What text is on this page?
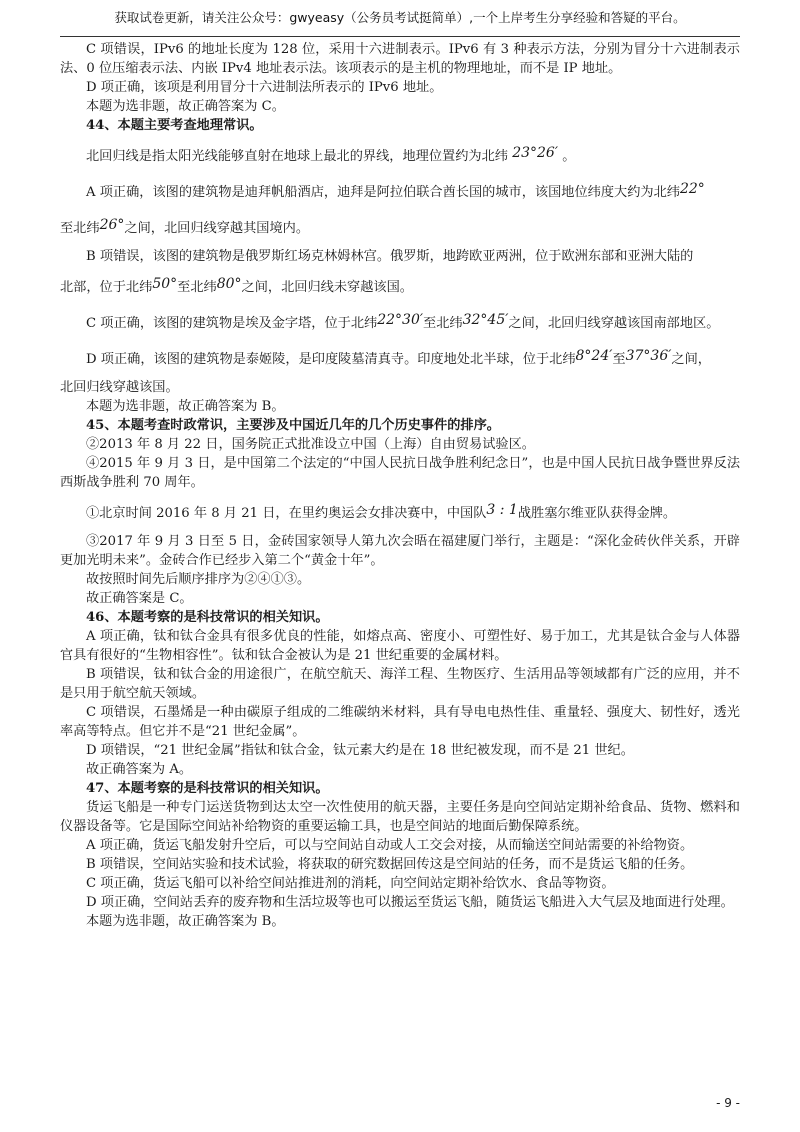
获取试卷更新，请关注公众号：gwyeasy（公务员考试挺简单）,一个上岸考生分享经验和答疑的平台。

C 项错误，IPv6 的地址长度为 128 位，采用十六进制表示。IPv6 有 3 种表示方法，分别为冒分十六进制表示法、0 位压缩表示法、内嵌 IPv4 地址表示法。该项表示的是主机的物理地址，而不是 IP 地址。

D 项正确，该项是利用冒分十六进制法所表示的 IPv6 地址。

本题为选非题，故正确答案为 C。

44、本题主要考查地理常识。

北回归线是指太阳光线能够直射在地球上最北的界线，地理位置约为北纬 23°26′ 。

A 项正确，该图的建筑物是迪拜帆船酒店，迪拜是阿拉伯联合酋长国的城市，该国地位纬度大约为北纬22°

至北纬26°之间，北回归线穿越其国境内。

B 项错误，该图的建筑物是俄罗斯红场克林姆林宫。俄罗斯，地跨欧亚两洲，位于欧洲东部和亚洲大陆的

北部，位于北纬50°至北纬80°之间，北回归线未穿越该国。

C 项正确，该图的建筑物是埃及金字塔，位于北纬22°30′至北纬32°45′之间，北回归线穿越该国南部地区。

D 项正确，该图的建筑物是泰姬陵，是印度陵墓清真寺。印度地处北半球，位于北纬8°24′至37°36′之间，

北回归线穿越该国。

本题为选非题，故正确答案为 B。

45、本题考查时政常识，主要涉及中国近几年的几个历史事件的排序。

②2013 年 8 月 22 日，国务院正式批准设立中国（上海）自由贸易试验区。

④2015 年 9 月 3 日，是中国第二个法定的“中国人民抗日战争胜利纪念日”，也是中国人民抗日战争暨世界反法西斯战争胜利 70 周年。

①北京时间 2016 年 8 月 21 日，在里约奥运会女排决赛中，中国队3 : 1战胜塞尔维亚队获得金牌。

③2017 年 9 月 3 日至 5 日，金砖国家领导人第九次会晤在福建厦门举行，主题是：“深化金砖伙伴关系，开辟更加光明未来”。金砖合作已经步入第二个“黄金十年”。

故按照时间先后顺序排序为②④①③。

故正确答案是 C。

46、本题考察的是科技常识的相关知识。

A 项正确，钛和钛合金具有很多优良的性能，如熔点高、密度小、可塑性好、易于加工，尤其是钛合金与人体器官具有很好的“生物相容性”。钛和钛合金被认为是 21 世纪重要的金属材料。

B 项错误，钛和钛合金的用途很广，在航空航天、海洋工程、生物医疗、生活用品等领域都有广泛的应用，并不是只用于航空航天领域。

C 项错误，石墨烯是一种由碳原子组成的二维碳纳米材料，具有导电电热性佳、重量轻、强度大、韧性好，透光率高等特点。但它并不是“21 世纪金属”。

D 项错误，“21 世纪金属”指钛和钛合金，钛元素大约是在 18 世纪被发现，而不是 21 世纪。

故正确答案为 A。

47、本题考察的是科技常识的相关知识。

货运飞船是一种专门运送货物到达太空一次性使用的航天器，主要任务是向空间站定期补给食品、货物、燃料和仪器设备等。它是国际空间站补给物资的重要运输工具，也是空间站的地面后勤保障系统。

A 项正确，货运飞船发射升空后，可以与空间站自动或人工交会对接，从而输送空间站需要的补给物资。

B 项错误，空间站实验和技术试验，将获取的研究数据回传这是空间站的任务，而不是货运飞船的任务。

C 项正确，货运飞船可以补给空间站推进剂的消耗，向空间站定期补给饮水、食品等物资。

D 项正确，空间站丢弃的废弃物和生活垃圾等也可以搬运至货运飞船，随货运飞船进入大气层及地面进行处理。

本题为选非题，故正确答案为 B。

- 9 -
